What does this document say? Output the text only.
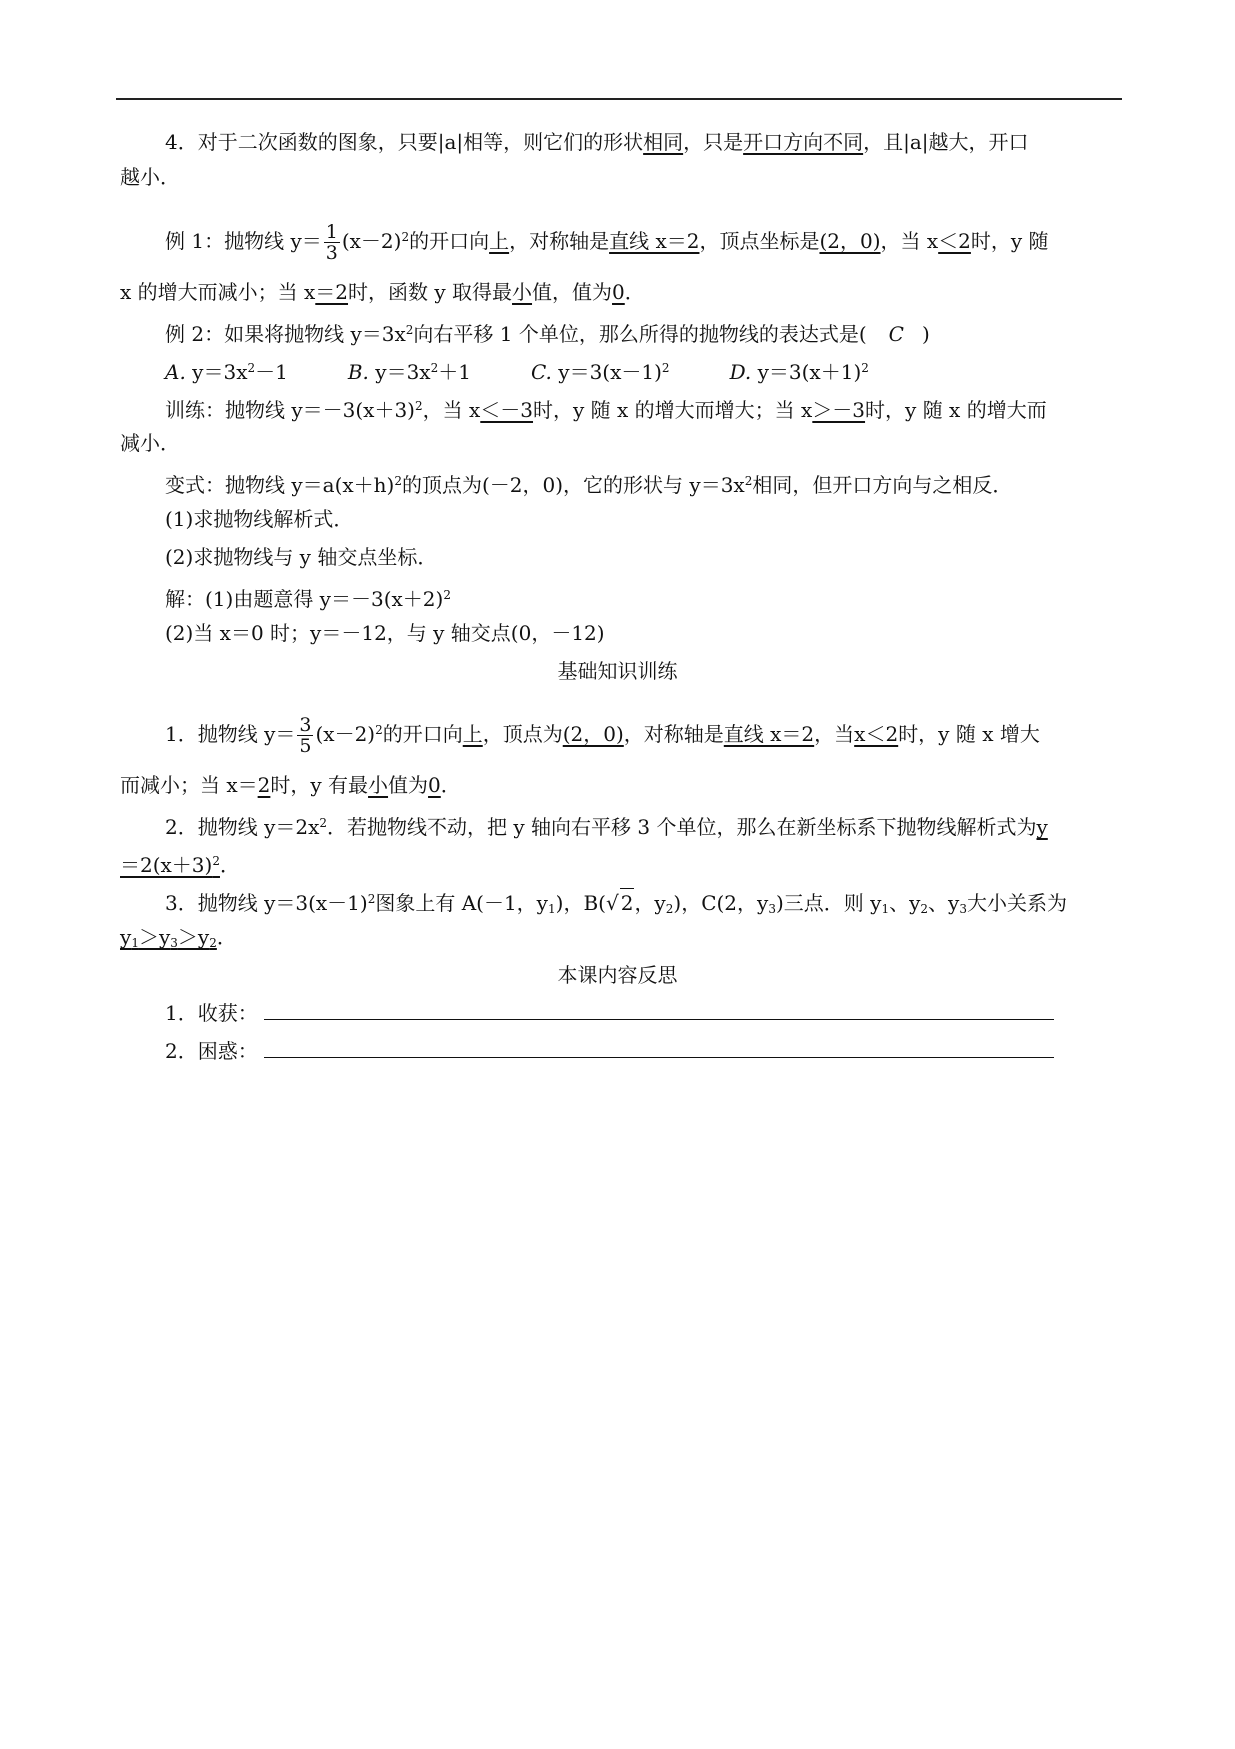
4．对于二次函数的图象，只要|a|相等，则它们的形状相同，只是开口方向不同，且|a|越大，开口
越小．
例 1：抛物线 $y= \frac{1}{3} (x-2)^2$的开口向上，对称轴是直线 x＝2，顶点坐标是(2，0)，当 x＜2时，y 随
x 的增大而减小；当 x＝2时，函数 y 取得最小值，值为0．
例 2：如果将抛物线 $y=3x^2$向右平移 1 个单位，那么所得的抛物线的表达式是( C )
A. $y=3x^2-1$	B. $y=3x^2+1$	C. $y=3(x-1)^2$	D. $y=3(x+1)^2$
训练：抛物线 $y=-3(x+3)^2$，当 x＜－3时，y 随 x 的增大而增大；当 x＞－3时，y 随 x 的增大而
减小．
变式：抛物线 $y=a(x+h)^2$的顶点为(－2，0)，它的形状与 $y=3x^2$相同，但开口方向与之相反．
(1)求抛物线解析式．
(2)求抛物线与 y 轴交点坐标．
解：(1)由题意得 $y=-3(x+2)^2$
(2)当 x＝0 时；y＝－12，与 y 轴交点(0，－12)
基础知识训练
1．抛物线 $y= \frac{3}{5} (x-2)^2$的开口向上，顶点为(2，0)，对称轴是直线 x＝2，当x＜2时，y 随 x 增大
而减小；当 x＝2时，y 有最小值为0．
2．抛物线 $y=2x^2$．若抛物线不动，把 y 轴向右平移 3 个单位，那么在新坐标系下抛物线解析式为y
$=2(x+3)^2$．
3．抛物线 $y=3(x-1)^2$图象上有 A(－1，$y_1$)，B(√ 2，$y_2$)，C(2，$y_3$)三点．则 $y_1$、$y_2$、$y_3$大小关系为
$y_1>y_3>y_2$．
本课内容反思
1．收获：
2．困惑：
